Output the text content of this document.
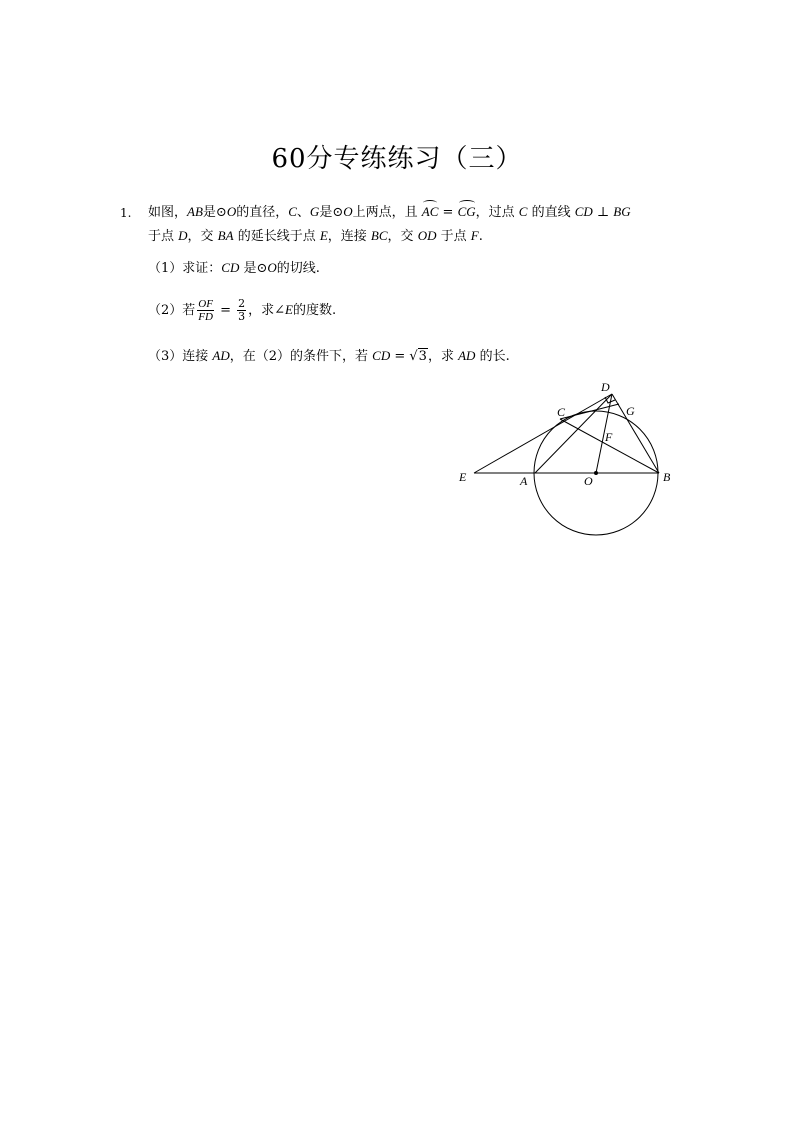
60分专练练习（三）
1. 如图，AB是⊙O的直径，C、G是⊙O上两点，且 AC = CG，过点 C 的直线 CD ⊥ BG
于点 D，交 BA 的延长线于点 E，连接 BC，交 OD 于点 F.
（1）求证：CD 是⊙O的切线.
（2）若 $\frac{OF}{FD} = \frac{2}{3}$ ，求∠E的度数.
（3）连接 AD，在（2）的条件下，若 CD = √3，求 AD 的长.
D
C	G
F
E	A	O	B
